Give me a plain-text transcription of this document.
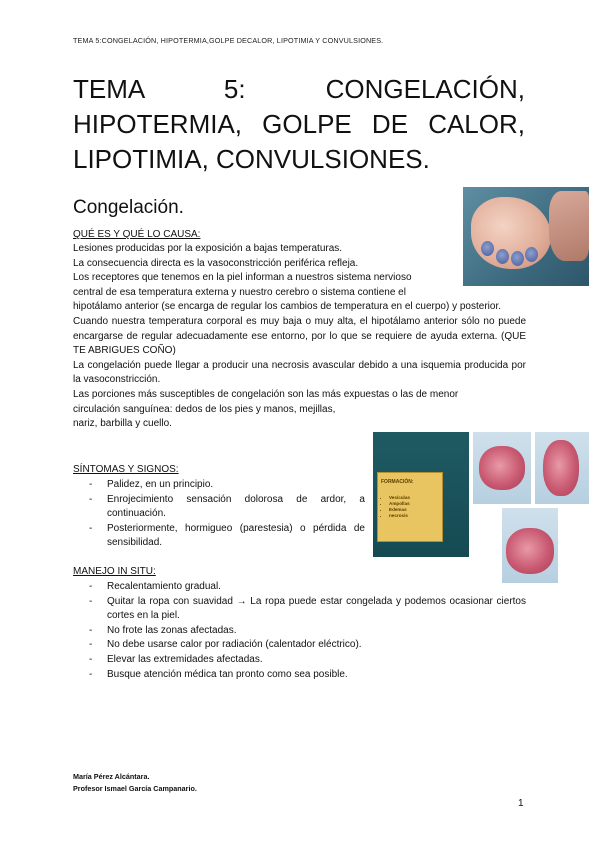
TEMA 5:CONGELACIÓN, HIPOTERMIA,GOLPE DECALOR, LIPOTIMIA Y CONVULSIONES.
TEMA 5: CONGELACIÓN, HIPOTERMIA, GOLPE DE CALOR, LIPOTIMIA, CONVULSIONES.
Congelación.
QUÉ ES Y QUÉ LO CAUSA:

Lesiones producidas por la exposición a bajas temperaturas.

La consecuencia directa es la vasoconstricción periférica refleja.

Los receptores que tenemos en la piel informan a nuestros sistema nervioso

central de esa temperatura externa y nuestro cerebro o sistema contiene el

hipotálamo anterior (se encarga de regular los cambios de temperatura en el cuerpo) y posterior.

Cuando nuestra temperatura corporal es muy baja o muy alta, el hipotálamo anterior sólo no puede encargarse de regular adecuadamente ese entorno, por lo que se requiere de ayuda externa. (QUE TE ABRIGUES COÑO)

La congelación puede llegar a producir una necrosis avascular debido a una isquemia producida por la vasoconstricción.

Las porciones más susceptibles de congelación son las más expuestas o las de menor

circulación sanguínea: dedos de los pies y manos, mejillas,

nariz, barbilla y cuello.

FORMACIÓN:
• Vesículas
• Ampollas
• Edemas
• necrosis
SÍNTOMAS Y SIGNOS:
- Palidez, en un principio.
- Enrojecimiento sensación dolorosa de ardor, a continuación.
- Posteriormente, hormigueo (parestesia) o pérdida de sensibilidad.
MANEJO IN SITU:
- Recalentamiento gradual.
- Quitar la ropa con suavidad → La ropa puede estar congelada y podemos ocasionar ciertos cortes en la piel.
- No frote las zonas afectadas.
- No debe usarse calor por radiación (calentador eléctrico).
- Elevar las extremidades afectadas.
- Busque atención médica tan pronto como sea posible.
María Pérez Alcántara.
Profesor Ismael García Campanario.
1
